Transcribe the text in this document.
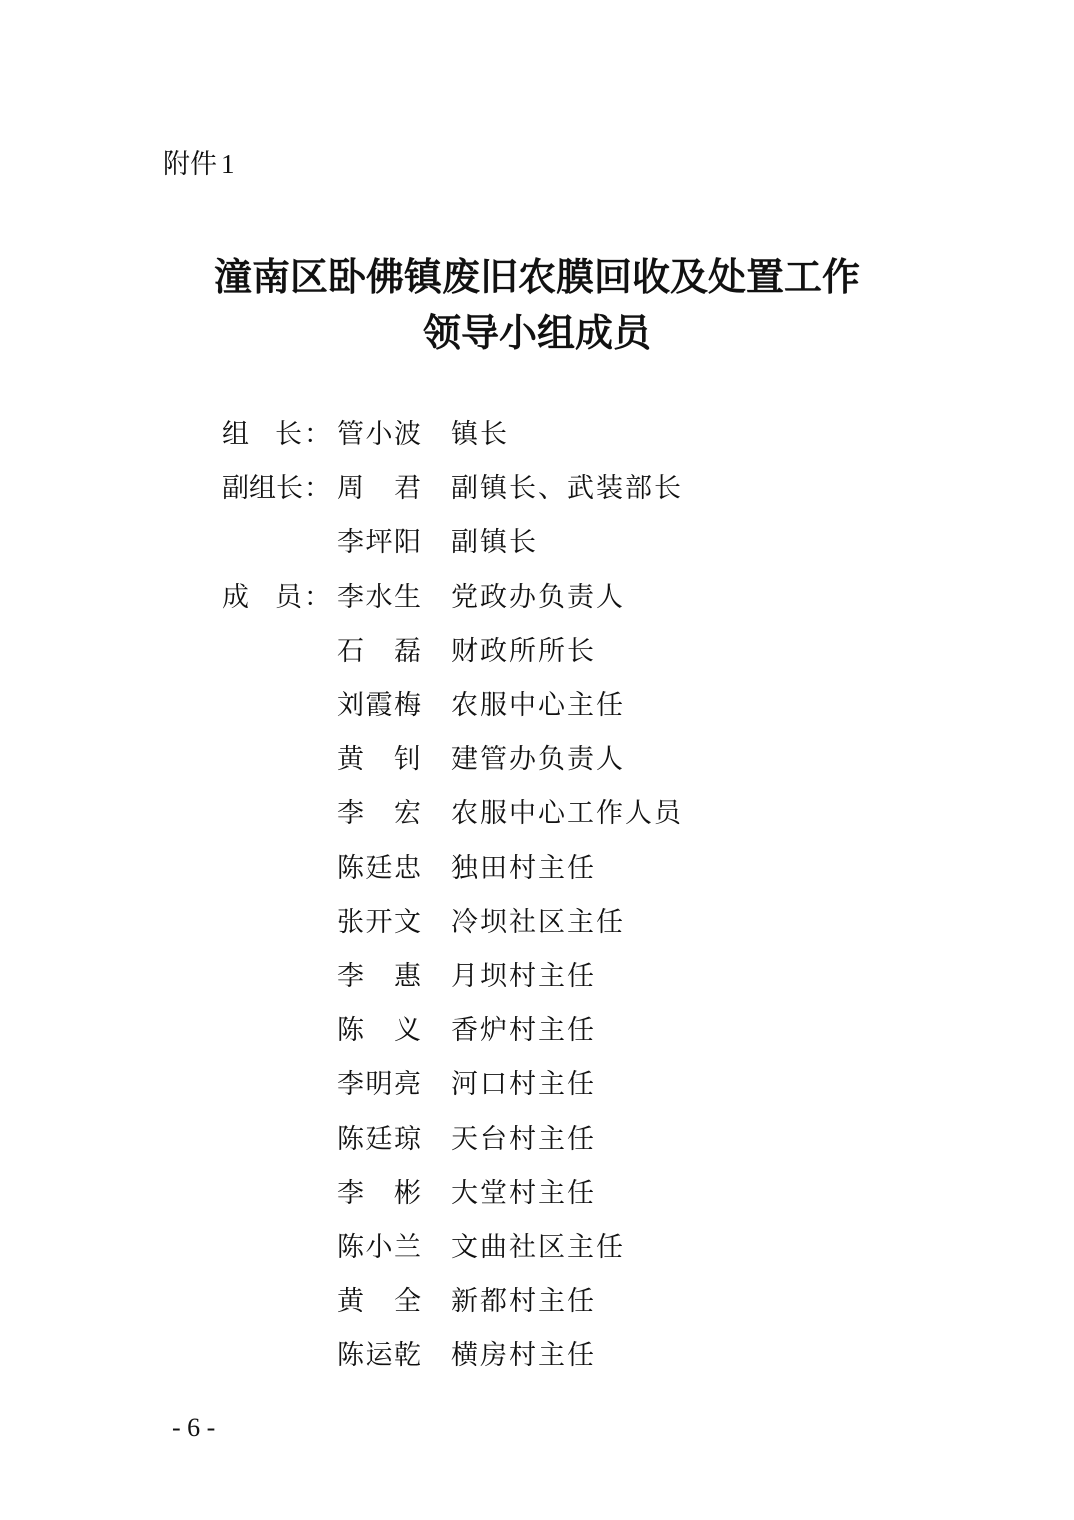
附件 1
潼南区卧佛镇废旧农膜回收及处置工作
领导小组成员
组 长 ： 管 小 波 镇长
副 组 长 ： 周 君 副镇长、武装部长
李 坪 阳 副镇长
成 员 ： 李 水 生 党政办负责人
石 磊 财政所所长
刘 霞 梅 农服中心主任
黄 钊 建管办负责人
李 宏 农服中心工作人员
陈 廷 忠 独田村主任
张 开 文 冷坝社区主任
李 惠 月坝村主任
陈 义 香炉村主任
李 明 亮 河口村主任
陈 廷 琼 天台村主任
李 彬 大堂村主任
陈 小 兰 文曲社区主任
黄 全 新都村主任
陈 运 乾 横房村主任
- 6 -
